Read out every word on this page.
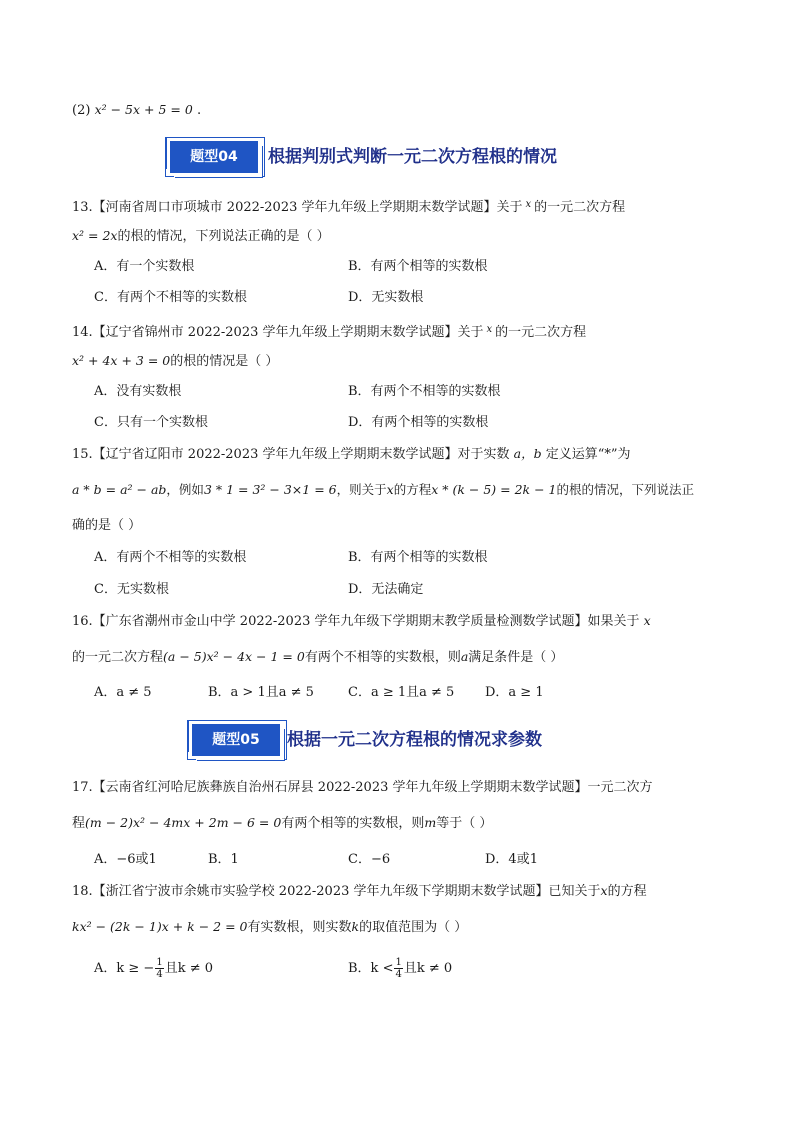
(2) x² − 5x + 5 = 0 .
题型04	根据判别式判断一元二次方程根的情况
13.【河南省周口市项城市 2022-2023 学年九年级上学期期末数学试题】关于 $^x$ 的一元二次方程
x² = 2x的根的情况，下列说法正确的是（ ）
A．有一个实数根	B．有两个相等的实数根
C．有两个不相等的实数根	D．无实数根
14.【辽宁省锦州市 2022-2023 学年九年级上学期期末数学试题】关于 $^x$ 的一元二次方程
x² + 4x + 3 = 0的根的情况是（ ）
A．没有实数根	B．有两个不相等的实数根
C．只有一个实数根	D．有两个相等的实数根
15.【辽宁省辽阳市 2022-2023 学年九年级上学期期末数学试题】对于实数 a，b 定义运算“*”为
a * b = a² − ab，例如3 * 1 = 3² − 3×1 = 6，则关于x的方程x * (k − 5) = 2k − 1的根的情况，下列说法正
确的是（ ）
A．有两个不相等的实数根	B．有两个相等的实数根
C．无实数根	D．无法确定
16.【广东省潮州市金山中学 2022-2023 学年九年级下学期期末教学质量检测数学试题】如果关于 x
的一元二次方程(a − 5)x² − 4x − 1 = 0有两个不相等的实数根，则a满足条件是（ ）
A．a ≠ 5	B．a > 1且a ≠ 5	C．a ≥ 1且a ≠ 5 D．a ≥ 1
题型05	根据一元二次方程根的情况求参数
17.【云南省红河哈尼族彝族自治州石屏县 2022-2023 学年九年级上学期期末数学试题】一元二次方
程(m − 2)x² − 4mx + 2m − 6 = 0有两个相等的实数根，则m等于（ ）
A．−6或1	B．1	C．−6	D．4或1
18.【浙江省宁波市余姚市实验学校 2022-2023 学年九年级下学期期末数学试题】已知关于x的方程
kx² − (2k − 1)x + k − 2 = 0有实数根，则实数k的取值范围为（ ）
A．k ≥ − $\frac{1}{4}$ 且k ≠ 0	B．$k < \frac{1}{4}$ 且k ≠ 0
